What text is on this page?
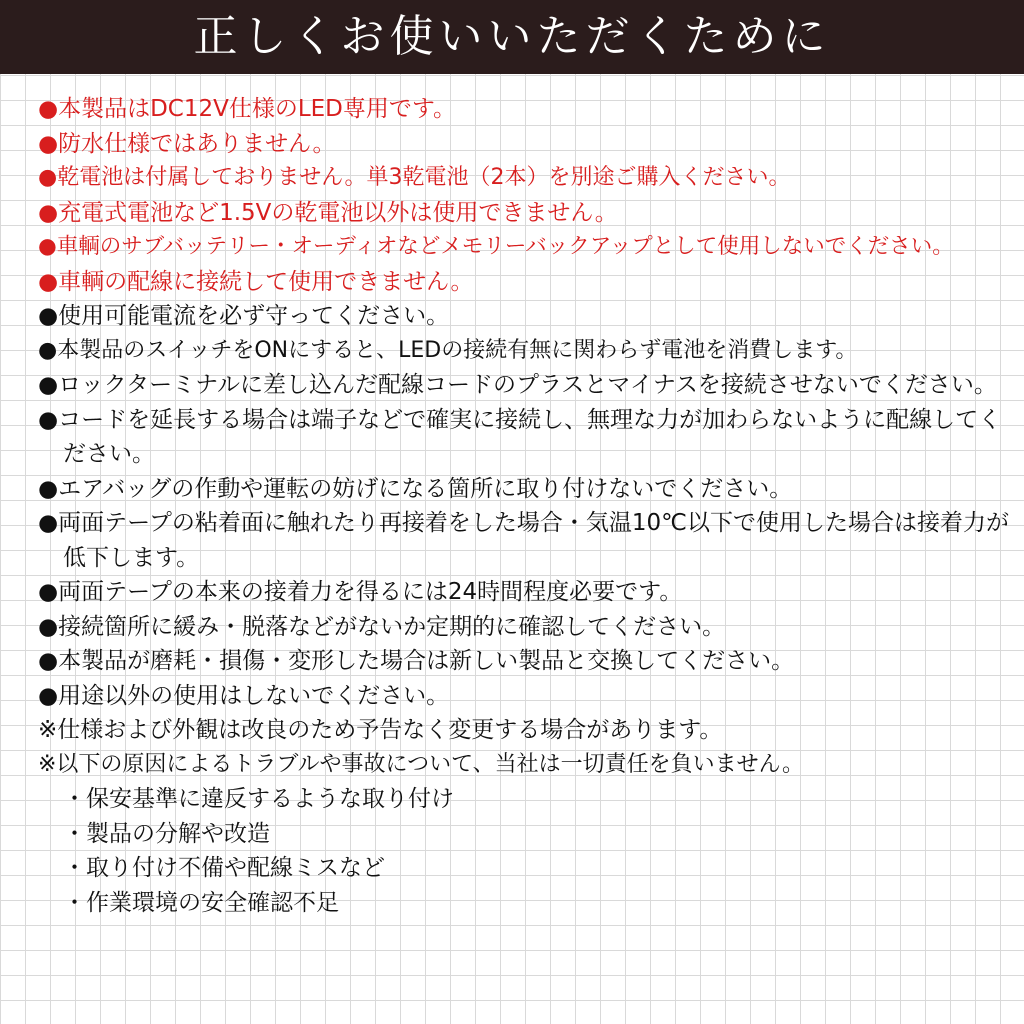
正しくお使いいただくために
●本製品はDC12V仕様のLED専用です。
●防水仕様ではありません。
●乾電池は付属しておりません。単3乾電池（2本）を別途ご購入ください。
●充電式電池など1.5Vの乾電池以外は使用できません。
●車輌のサブバッテリー・オーディオなどメモリーバックアップとして使用しないでください。
●車輌の配線に接続して使用できません。
●使用可能電流を必ず守ってください。
●本製品のスイッチをONにすると、LEDの接続有無に関わらず電池を消費します。
●ロックターミナルに差し込んだ配線コードのプラスとマイナスを接続させないでください。
●コードを延長する場合は端子などで確実に接続し、無理な力が加わらないように配線してください。
●エアバッグの作動や運転の妨げになる箇所に取り付けないでください。
●両面テープの粘着面に触れたり再接着をした場合・気温10℃以下で使用した場合は接着力が低下します。
●両面テープの本来の接着力を得るには24時間程度必要です。
●接続箇所に緩み・脱落などがないか定期的に確認してください。
●本製品が磨耗・損傷・変形した場合は新しい製品と交換してください。
●用途以外の使用はしないでください。
※仕様および外観は改良のため予告なく変更する場合があります。
※以下の原因によるトラブルや事故について、当社は一切責任を負いません。
・保安基準に違反するような取り付け
・製品の分解や改造
・取り付け不備や配線ミスなど
・作業環境の安全確認不足
